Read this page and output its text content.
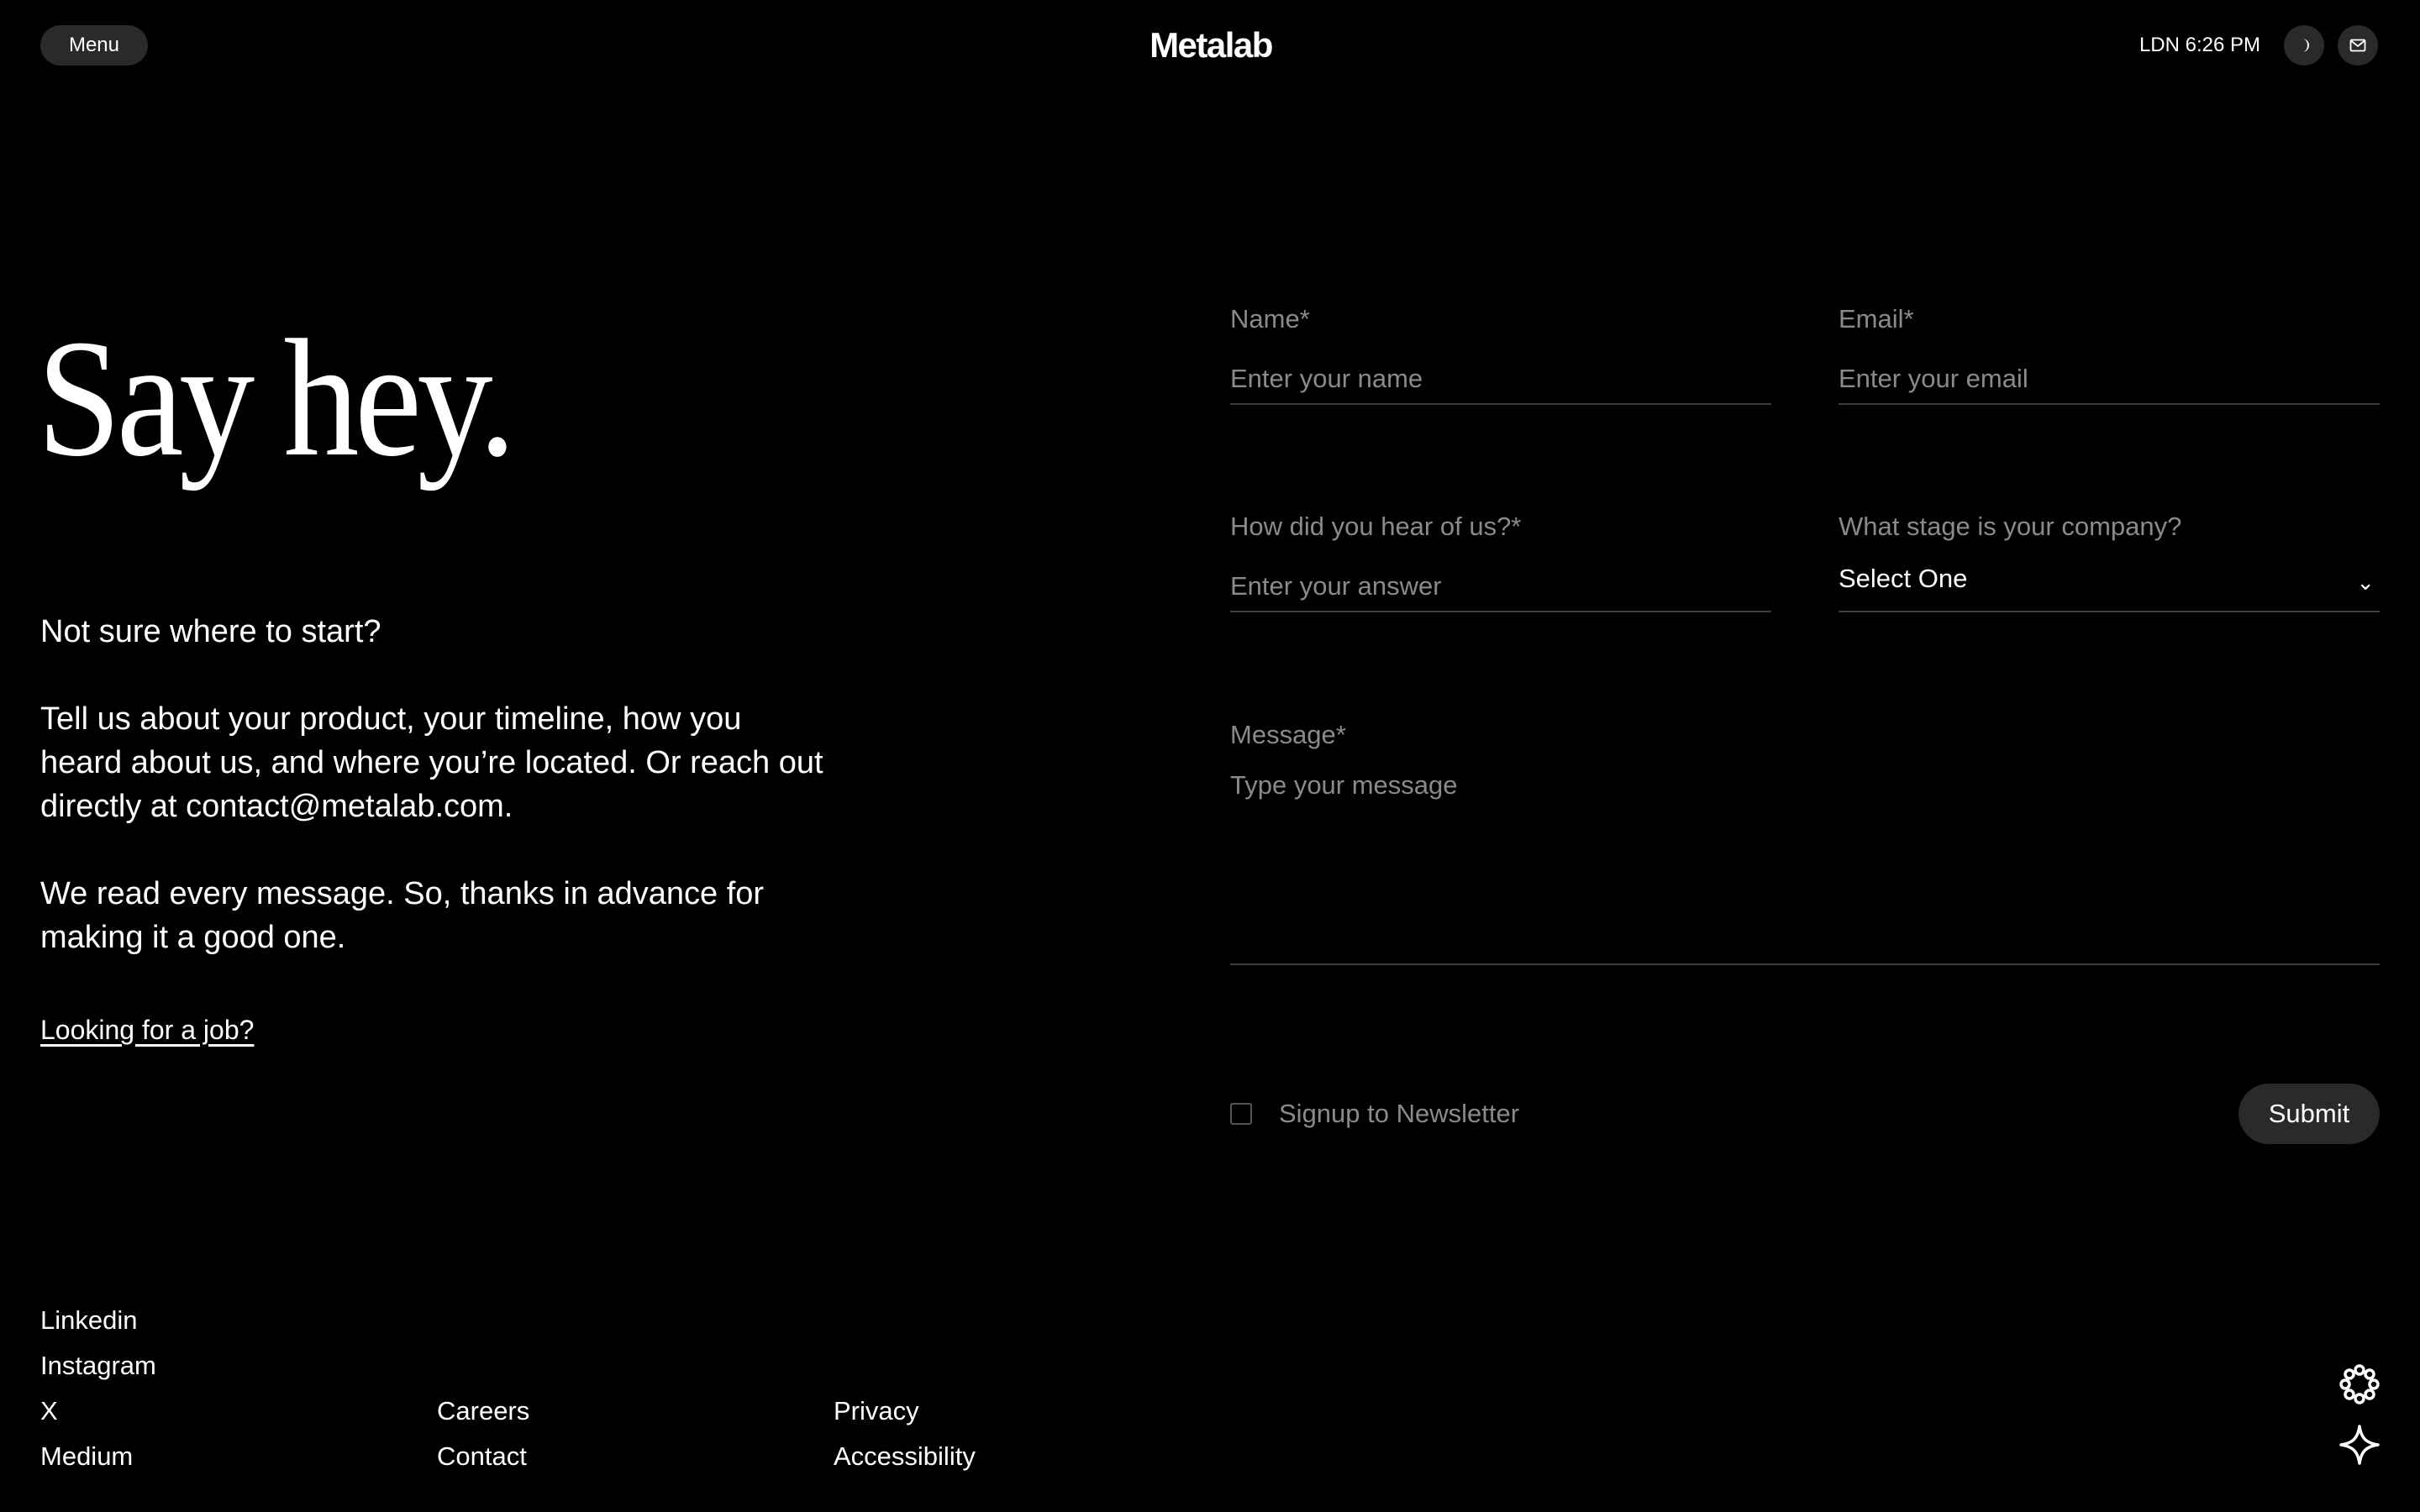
Menu	Metalab	LDN 6:26 PM
Say hey.

Not sure where to start?

Tell us about your product, your timeline, how you heard about us, and where you’re located. Or reach out directly at contact@metalab.com.

We read every message. So, thanks in advance for making it a good one.

Looking for a job?
Name*
Enter your name	Email*
Enter your email
How did you hear of us?*
Enter your answer	What stage is your company?
Select One	⌄
Message*
Type your message
Signup to Newsletter	Submit
Linkedin
Instagram
X
Medium
Careers
Contact
Privacy
Accessibility
